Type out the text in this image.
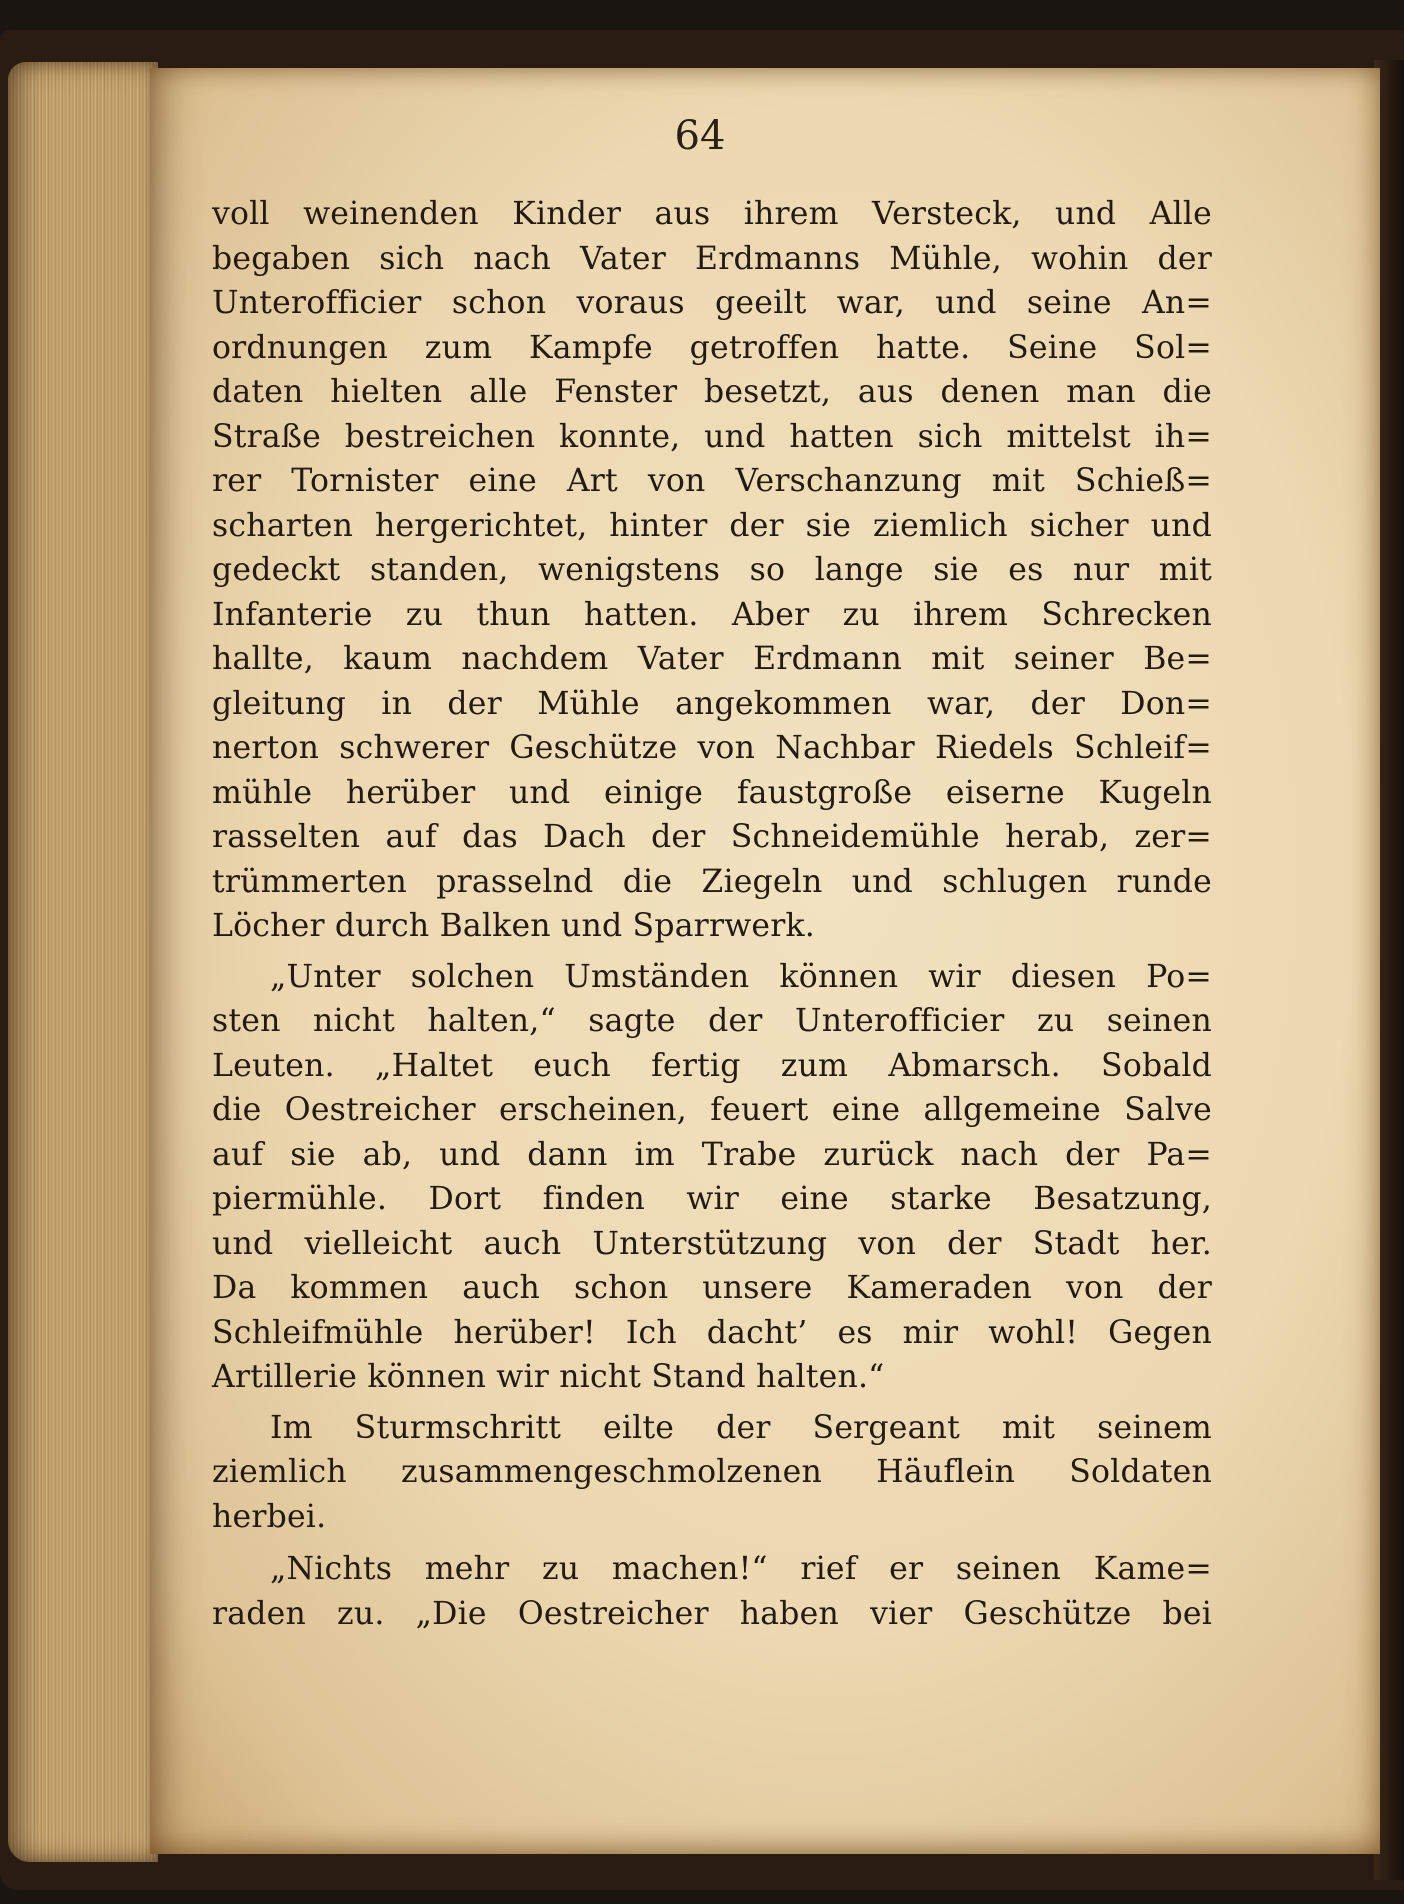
64
voll weinenden Kinder aus ihrem Versteck, und Alle
begaben sich nach Vater Erdmanns Mühle, wohin der
Unterofficier schon voraus geeilt war, und seine An=
ordnungen zum Kampfe getroffen hatte. Seine Sol=
daten hielten alle Fenster besetzt, aus denen man die
Straße bestreichen konnte, und hatten sich mittelst ih=
rer Tornister eine Art von Verschanzung mit Schieß=
scharten hergerichtet, hinter der sie ziemlich sicher und
gedeckt standen, wenigstens so lange sie es nur mit
Infanterie zu thun hatten. Aber zu ihrem Schrecken
hallte, kaum nachdem Vater Erdmann mit seiner Be=
gleitung in der Mühle angekommen war, der Don=
nerton schwerer Geschütze von Nachbar Riedels Schleif=
mühle herüber und einige faustgroße eiserne Kugeln
rasselten auf das Dach der Schneidemühle herab, zer=
trümmerten prasselnd die Ziegeln und schlugen runde
Löcher durch Balken und Sparrwerk.
„Unter solchen Umständen können wir diesen Po=
sten nicht halten,“ sagte der Unterofficier zu seinen
Leuten. „Haltet euch fertig zum Abmarsch. Sobald
die Oestreicher erscheinen, feuert eine allgemeine Salve
auf sie ab, und dann im Trabe zurück nach der Pa=
piermühle. Dort finden wir eine starke Besatzung,
und vielleicht auch Unterstützung von der Stadt her.
Da kommen auch schon unsere Kameraden von der
Schleifmühle herüber! Ich dacht’ es mir wohl! Gegen
Artillerie können wir nicht Stand halten.“
Im Sturmschritt eilte der Sergeant mit seinem
ziemlich zusammengeschmolzenen Häuflein Soldaten
herbei.
„Nichts mehr zu machen!“ rief er seinen Kame=
raden zu. „Die Oestreicher haben vier Geschütze bei
